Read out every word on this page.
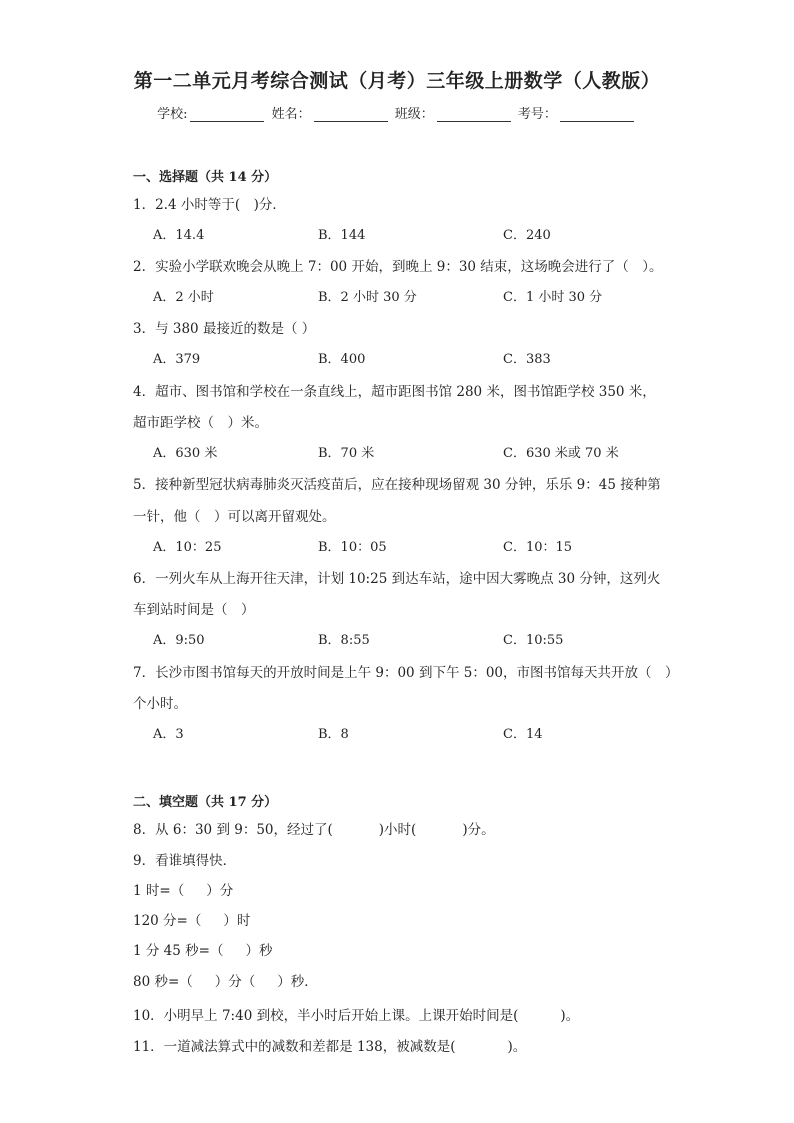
第一二单元月考综合测试（月考）三年级上册数学（人教版）
学校:	姓名：	班级：	考号：
一、选择题（共 14 分）
1．2.4 小时等于(　)分．
A．14.4	B．144	C．240
2．实验小学联欢晚会从晚上 7：00 开始，到晚上 9：30 结束，这场晚会进行了（　）。
A．2 小时	B．2 小时 30 分	C．1 小时 30 分
3．与 380 最接近的数是（ ）
A．379	B．400	C．383
4．超市、图书馆和学校在一条直线上，超市距图书馆 280 米，图书馆距学校 350 米，
超市距学校（　）米。
A．630 米	B．70 米	C．630 米或 70 米
5．接种新型冠状病毒肺炎灭活疫苗后，应在接种现场留观 30 分钟，乐乐 9：45 接种第
一针，他（　）可以离开留观处。
A．10：25	B．10：05	C．10：15
6．一列火车从上海开往天津，计划 10:25 到达车站，途中因大雾晚点 30 分钟，这列火
车到站时间是（　）
A．9:50	B．8:55	C．10:55
7．长沙市图书馆每天的开放时间是上午 9：00 到下午 5：00，市图书馆每天共开放（　）
个小时。
A．3	B．8	C．14
二、填空题（共 17 分）
8．从 6：30 到 9：50，经过了(	)小时(	)分。
9．看谁填得快．
1 时=（ ）分
120 分=（ ）时
1 分 45 秒=（ ）秒
80 秒=（ ）分（ ）秒．
10．小明早上 7:40 到校，半小时后开始上课。上课开始时间是(	)。
11．一道减法算式中的减数和差都是 138，被减数是(	)。
